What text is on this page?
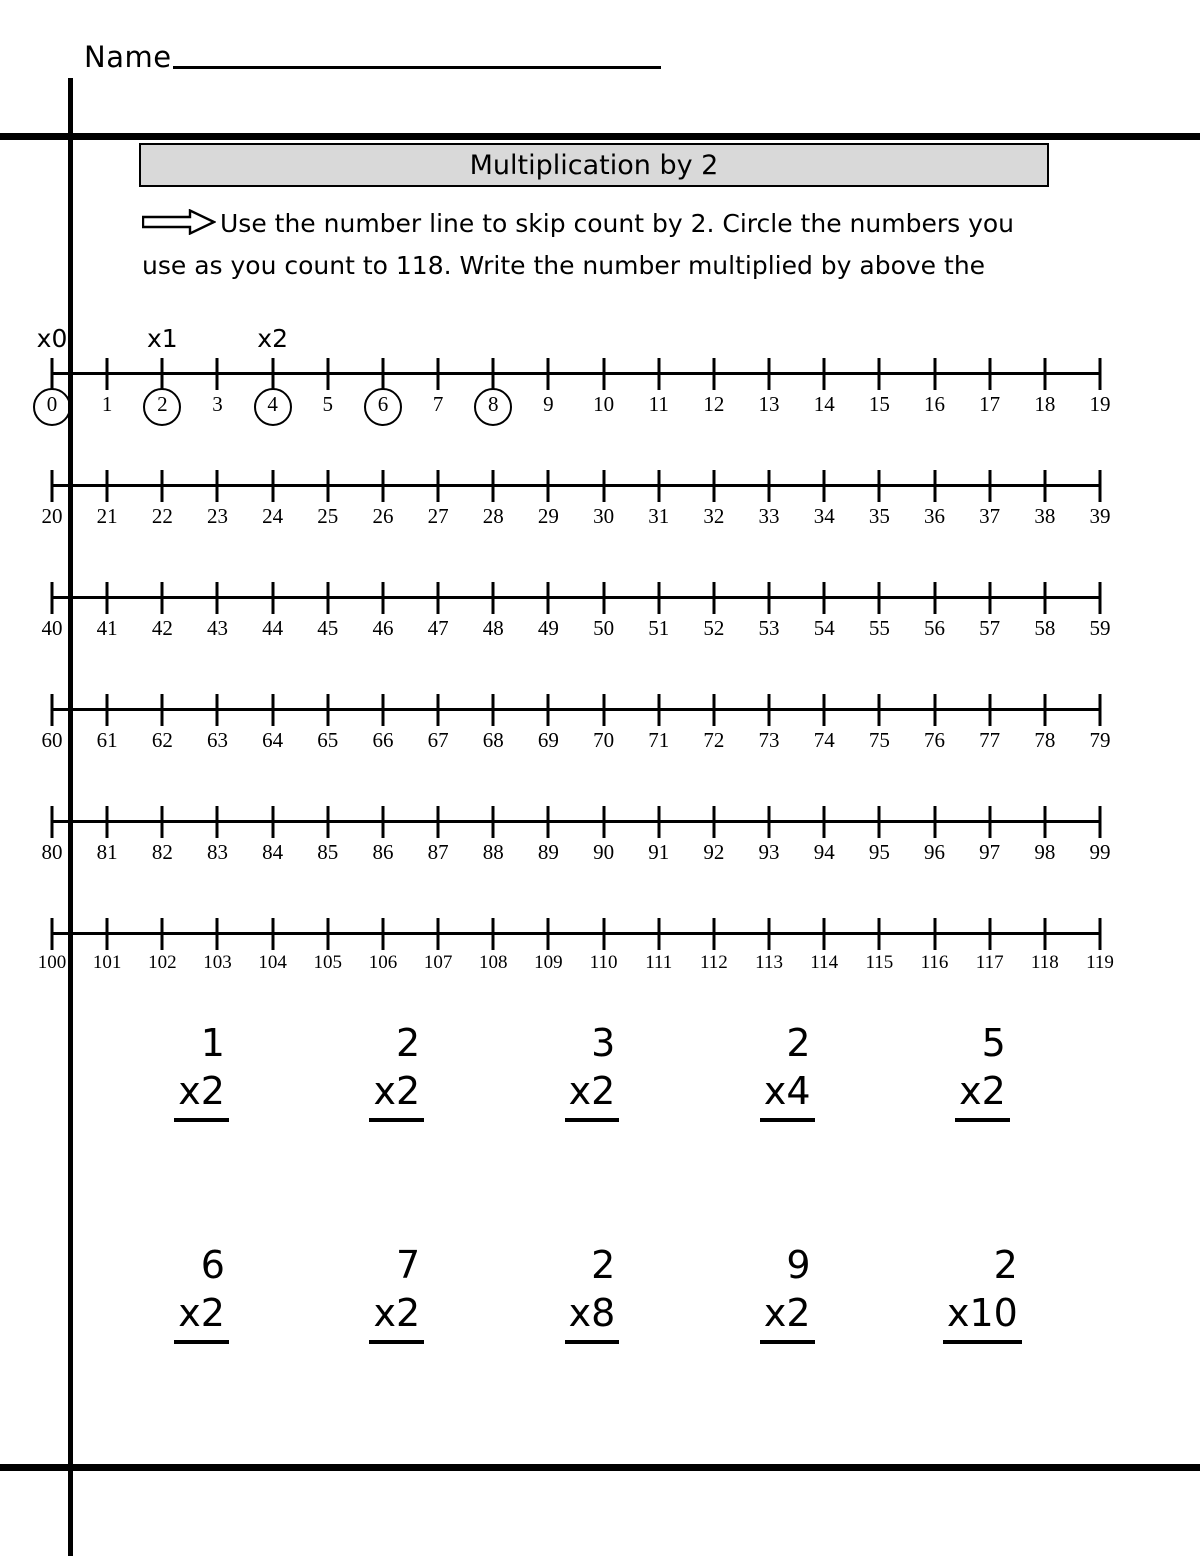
Name
Multiplication by 2
Use the number line to skip count by 2. Circle the numbers you use as you count to 118. Write the number multiplied by above the
0
x0
1 2
x1
3 4
x2
5 6 7 8 9 10 11 12 13 14 15 16 17 18 19
20 21 22 23 24 25 26 27 28 29 30 31 32 33 34 35 36 37 38 39
40 41 42 43 44 45 46 47 48 49 50 51 52 53 54 55 56 57 58 59
60 61 62 63 64 65 66 67 68 69 70 71 72 73 74 75 76 77 78 79
80 81 82 83 84 85 86 87 88 89 90 91 92 93 94 95 96 97 98 99
100 101 102 103 104 105 106 107 108 109 110 111 112 113 114 115 116 117 118 119
1
x2
2
x2
3
x2
2
x4
5
x2
6
x2
7
x2
2
x8
9
x2
2
x10
